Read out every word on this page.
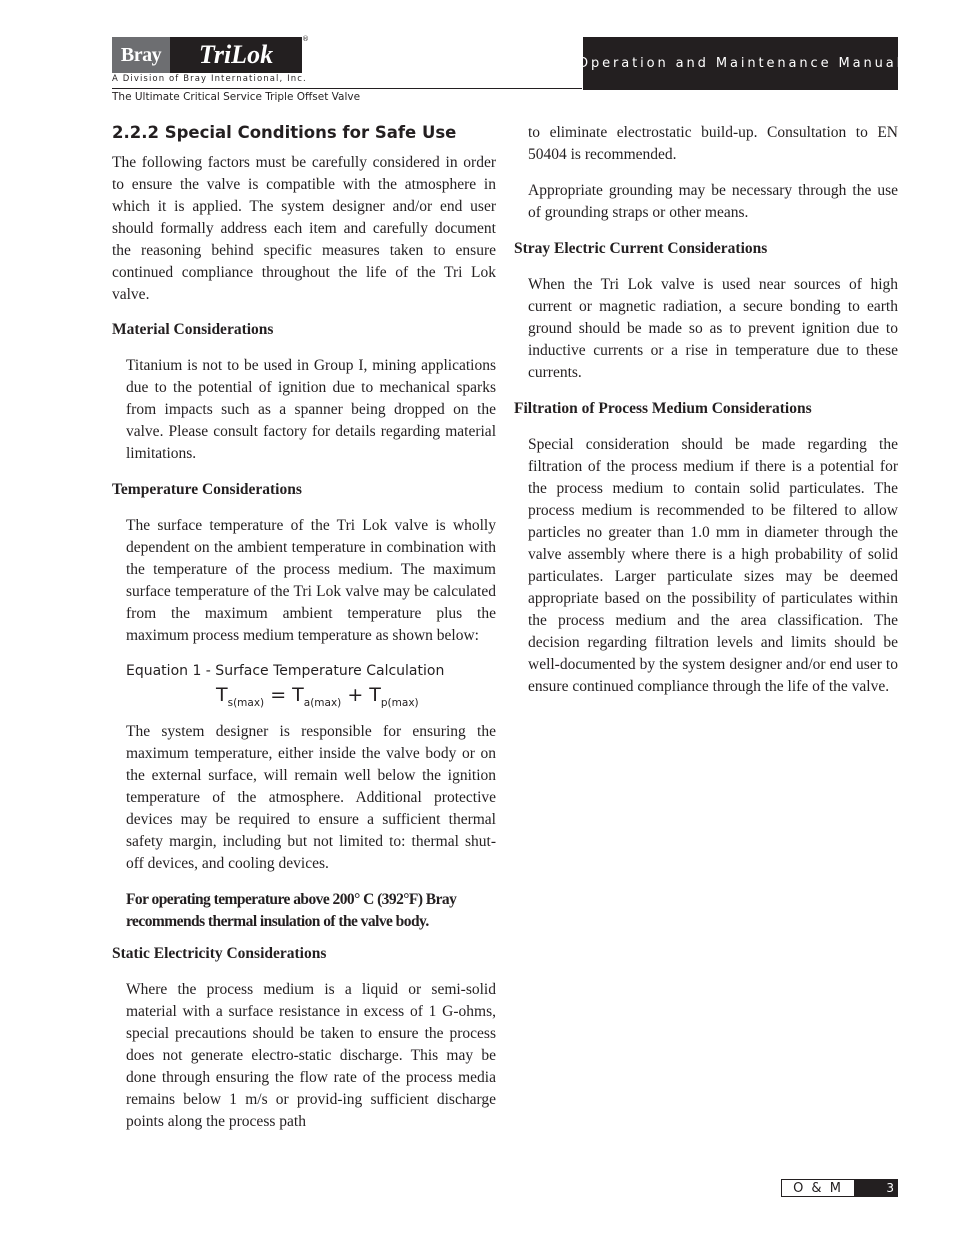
Bray	TriLok
®
A Division of Bray International, Inc.
The Ultimate Critical Service Triple Offset Valve
Operation and Maintenance Manual
2.2.2 Special Conditions for Safe Use

The following factors must be carefully considered in order to ensure the valve is compatible with the atmosphere in which it is applied. The system designer and/or end user should formally address each item and carefully document the reasoning behind specific measures taken to ensure continued compliance throughout the life of the Tri Lok valve.

Material Considerations

Titanium is not to be used in Group I, mining applications due to the potential of ignition due to mechanical sparks from impacts such as a spanner being dropped on the valve. Please consult factory for details regarding material limitations.

Temperature Considerations

The surface temperature of the Tri Lok valve is wholly dependent on the ambient temperature in combination with the temperature of the process medium. The maximum surface temperature of the Tri Lok valve may be calculated from the maximum ambient temperature plus the maximum process medium temperature as shown below:

Equation 1 - Surface Temperature Calculation
$T_{s(max)} = T_{a(max)} + T_{p(max)}$

The system designer is responsible for ensuring the maximum temperature, either inside the valve body or on the external surface, will remain well below the ignition temperature of the atmosphere. Additional protective devices may be required to ensure a sufficient thermal safety margin, including but not limited to: thermal shut-off devices, and cooling devices.

For operating temperature above 200° C (392°F) Bray recommends thermal insulation of the valve body.
Static Electricity Considerations

Where the process medium is a liquid or semi-solid material with a surface resistance in excess of 1 G-ohms, special precautions should be taken to ensure the process does not generate electro-static discharge. This may be done through ensuring the flow rate of the process media remains below 1 m/s or provid-ing sufficient discharge points along the process path

to eliminate electrostatic build-up. Consultation to EN 50404 is recommended.

Appropriate grounding may be necessary through the use of grounding straps or other means.

Stray Electric Current Considerations

When the Tri Lok valve is used near sources of high current or magnetic radiation, a secure bonding to earth ground should be made so as to prevent ignition due to inductive currents or a rise in temperature due to these currents.

Filtration of Process Medium Considerations

Special consideration should be made regarding the filtration of the process medium if there is a potential for the process medium to contain solid particulates. The process medium is recommended to be filtered to allow particles no greater than 1.0 mm in diameter through the valve assembly where there is a high probability of solid particulates. Larger particulate sizes may be deemed appropriate based on the possibility of particulates within the process medium and the area classification. The decision regarding filtration levels and limits should be well-documented by the system designer and/or end user to ensure continued compliance through the life of the valve.

O & M	3
